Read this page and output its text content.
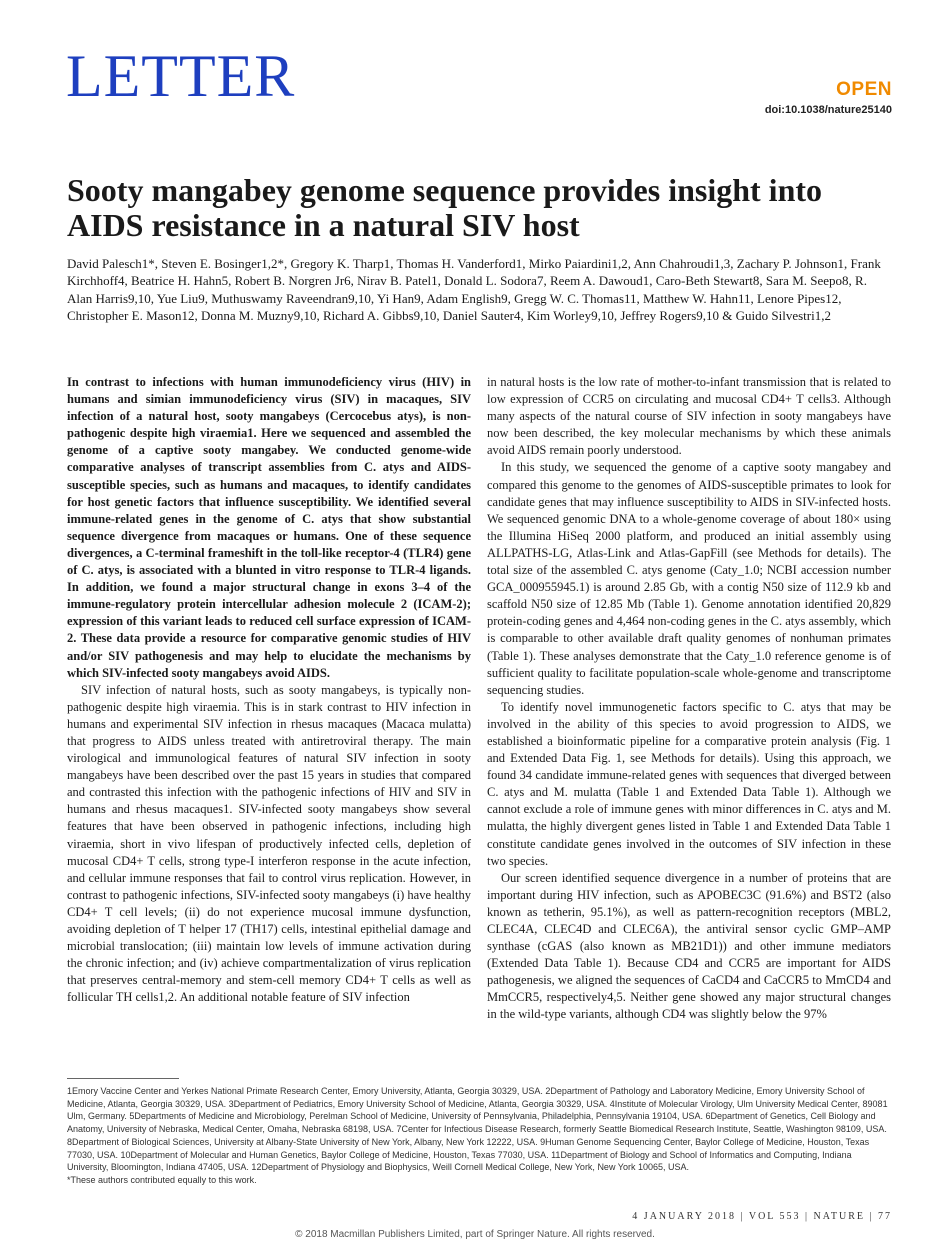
LETTER	OPEN
doi:10.1038/nature25140
Sooty mangabey genome sequence provides insight into AIDS resistance in a natural SIV host

David Palesch1*, Steven E. Bosinger1,2*, Gregory K. Tharp1, Thomas H. Vanderford1, Mirko Paiardini1,2, Ann Chahroudi1,3, Zachary P. Johnson1, Frank Kirchhoff4, Beatrice H. Hahn5, Robert B. Norgren Jr6, Nirav B. Patel1, Donald L. Sodora7, Reem A. Dawoud1, Caro-Beth Stewart8, Sara M. Seepo8, R. Alan Harris9,10, Yue Liu9, Muthuswamy Raveendran9,10, Yi Han9, Adam English9, Gregg W. C. Thomas11, Matthew W. Hahn11, Lenore Pipes12, Christopher E. Mason12, Donna M. Muzny9,10, Richard A. Gibbs9,10, Daniel Sauter4, Kim Worley9,10, Jeffrey Rogers9,10 & Guido Silvestri1,2

In contrast to infections with human immunodeficiency virus (HIV) in humans and simian immunodeficiency virus (SIV) in macaques, SIV infection of a natural host, sooty mangabeys (Cercocebus atys), is non-pathogenic despite high viraemia1. Here we sequenced and assembled the genome of a captive sooty mangabey. We conducted genome-wide comparative analyses of transcript assemblies from C. atys and AIDS-susceptible species, such as humans and macaques, to identify candidates for host genetic factors that influence susceptibility. We identified several immune-related genes in the genome of C. atys that show substantial sequence divergence from macaques or humans. One of these sequence divergences, a C-terminal frameshift in the toll-like receptor-4 (TLR4) gene of C. atys, is associated with a blunted in vitro response to TLR-4 ligands. In addition, we found a major structural change in exons 3–4 of the immune-regulatory protein intercellular adhesion molecule 2 (ICAM-2); expression of this variant leads to reduced cell surface expression of ICAM-2. These data provide a resource for comparative genomic studies of HIV and/or SIV pathogenesis and may help to elucidate the mechanisms by which SIV-infected sooty mangabeys avoid AIDS.

SIV infection of natural hosts, such as sooty mangabeys, is typically non-pathogenic despite high viraemia. This is in stark contrast to HIV infection in humans and experimental SIV infection in rhesus macaques (Macaca mulatta) that progress to AIDS unless treated with antiretroviral therapy. The main virological and immunological features of natural SIV infection in sooty mangabeys have been described over the past 15 years in studies that compared and contrasted this infection with the pathogenic infections of HIV and SIV in humans and rhesus macaques1. SIV-infected sooty mangabeys show several features that have been observed in pathogenic infections, including high viraemia, short in vivo lifespan of productively infected cells, depletion of mucosal CD4+ T cells, strong type-I interferon response in the acute infection, and cellular immune responses that fail to control virus replication. However, in contrast to pathogenic infections, SIV-infected sooty mangabeys (i) have healthy CD4+ T cell levels; (ii) do not experience mucosal immune dysfunction, avoiding depletion of T helper 17 (TH17) cells, intestinal epithelial damage and microbial translocation; (iii) maintain low levels of immune activation during the chronic infection; and (iv) achieve compartmentalization of virus replication that preserves central-memory and stem-cell memory CD4+ T cells as well as follicular TH cells1,2. An additional notable feature of SIV infection

in natural hosts is the low rate of mother-to-infant transmission that is related to low expression of CCR5 on circulating and mucosal CD4+ T cells3. Although many aspects of the natural course of SIV infection in sooty mangabeys have now been described, the key molecular mechanisms by which these animals avoid AIDS remain poorly understood.

In this study, we sequenced the genome of a captive sooty mangabey and compared this genome to the genomes of AIDS-susceptible primates to look for candidate genes that may influence susceptibility to AIDS in SIV-infected hosts. We sequenced genomic DNA to a whole-genome coverage of about 180× using the Illumina HiSeq 2000 platform, and produced an initial assembly using ALLPATHS-LG, Atlas-Link and Atlas-GapFill (see Methods for details). The total size of the assembled C. atys genome (Caty_1.0; NCBI accession number GCA_000955945.1) is around 2.85 Gb, with a contig N50 size of 112.9 kb and scaffold N50 size of 12.85 Mb (Table 1). Genome annotation identified 20,829 protein-coding genes and 4,464 non-coding genes in the C. atys assembly, which is comparable to other available draft quality genomes of nonhuman primates (Table 1). These analyses demonstrate that the Caty_1.0 reference genome is of sufficient quality to facilitate population-scale whole-genome and transcriptome sequencing studies.

To identify novel immunogenetic factors specific to C. atys that may be involved in the ability of this species to avoid progression to AIDS, we established a bioinformatic pipeline for a comparative protein analysis (Fig. 1 and Extended Data Fig. 1, see Methods for details). Using this approach, we found 34 candidate immune-related genes with sequences that diverged between C. atys and M. mulatta (Table 1 and Extended Data Table 1). Although we cannot exclude a role of immune genes with minor differences in C. atys and M. mulatta, the highly divergent genes listed in Table 1 and Extended Data Table 1 constitute candidate genes involved in the outcomes of SIV infection in these two species.

Our screen identified sequence divergence in a number of proteins that are important during HIV infection, such as APOBEC3C (91.6%) and BST2 (also known as tetherin, 95.1%), as well as pattern-recognition receptors (MBL2, CLEC4A, CLEC4D and CLEC6A), the antiviral sensor cyclic GMP–AMP synthase (cGAS (also known as MB21D1)) and other immune mediators (Extended Data Table 1). Because CD4 and CCR5 are important for AIDS pathogenesis, we aligned the sequences of CaCD4 and CaCCR5 to MmCD4 and MmCCR5, respectively4,5. Neither gene showed any major structural changes in the wild-type variants, although CD4 was slightly below the 97%

1Emory Vaccine Center and Yerkes National Primate Research Center, Emory University, Atlanta, Georgia 30329, USA. 2Department of Pathology and Laboratory Medicine, Emory University School of Medicine, Atlanta, Georgia 30329, USA. 3Department of Pediatrics, Emory University School of Medicine, Atlanta, Georgia 30329, USA. 4Institute of Molecular Virology, Ulm University Medical Center, 89081 Ulm, Germany. 5Departments of Medicine and Microbiology, Perelman School of Medicine, University of Pennsylvania, Philadelphia, Pennsylvania 19104, USA. 6Department of Genetics, Cell Biology and Anatomy, University of Nebraska, Medical Center, Omaha, Nebraska 68198, USA. 7Center for Infectious Disease Research, formerly Seattle Biomedical Research Institute, Seattle, Washington 98109, USA. 8Department of Biological Sciences, University at Albany-State University of New York, Albany, New York 12222, USA. 9Human Genome Sequencing Center, Baylor College of Medicine, Houston, Texas 77030, USA. 10Department of Molecular and Human Genetics, Baylor College of Medicine, Houston, Texas 77030, USA. 11Department of Biology and School of Informatics and Computing, Indiana University, Bloomington, Indiana 47405, USA. 12Department of Physiology and Biophysics, Weill Cornell Medical College, New York, New York 10065, USA.

*These authors contributed equally to this work.

4 JANUARY 2018 | VOL 553 | NATURE | 77
© 2018 Macmillan Publishers Limited, part of Springer Nature. All rights reserved.
